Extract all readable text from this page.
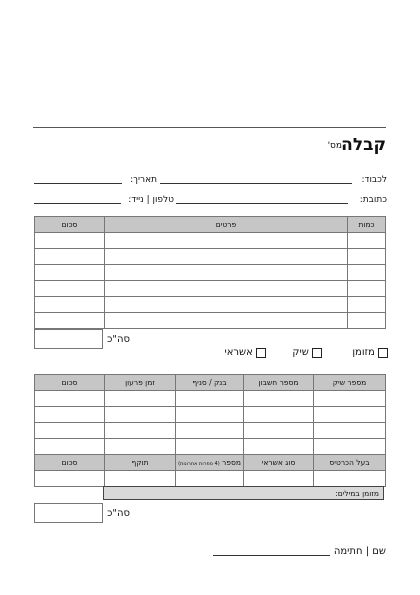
קבלה
מס'
לכבוד:
תאריך:
כתובת:
טלפון | נייד:
כמות	פרטים	סכום

סה"כ
מזומן
שיק
אשראי
מספר שיק	מספר חשבון	בנק / סניף	זמן פרעון	סכום

בעל הכרטיס	סוג אשראי	מספר (4 ספרות אחרונות)	תוקף	סכום

מזומן במילים:
סה"כ
שם | חתימה
